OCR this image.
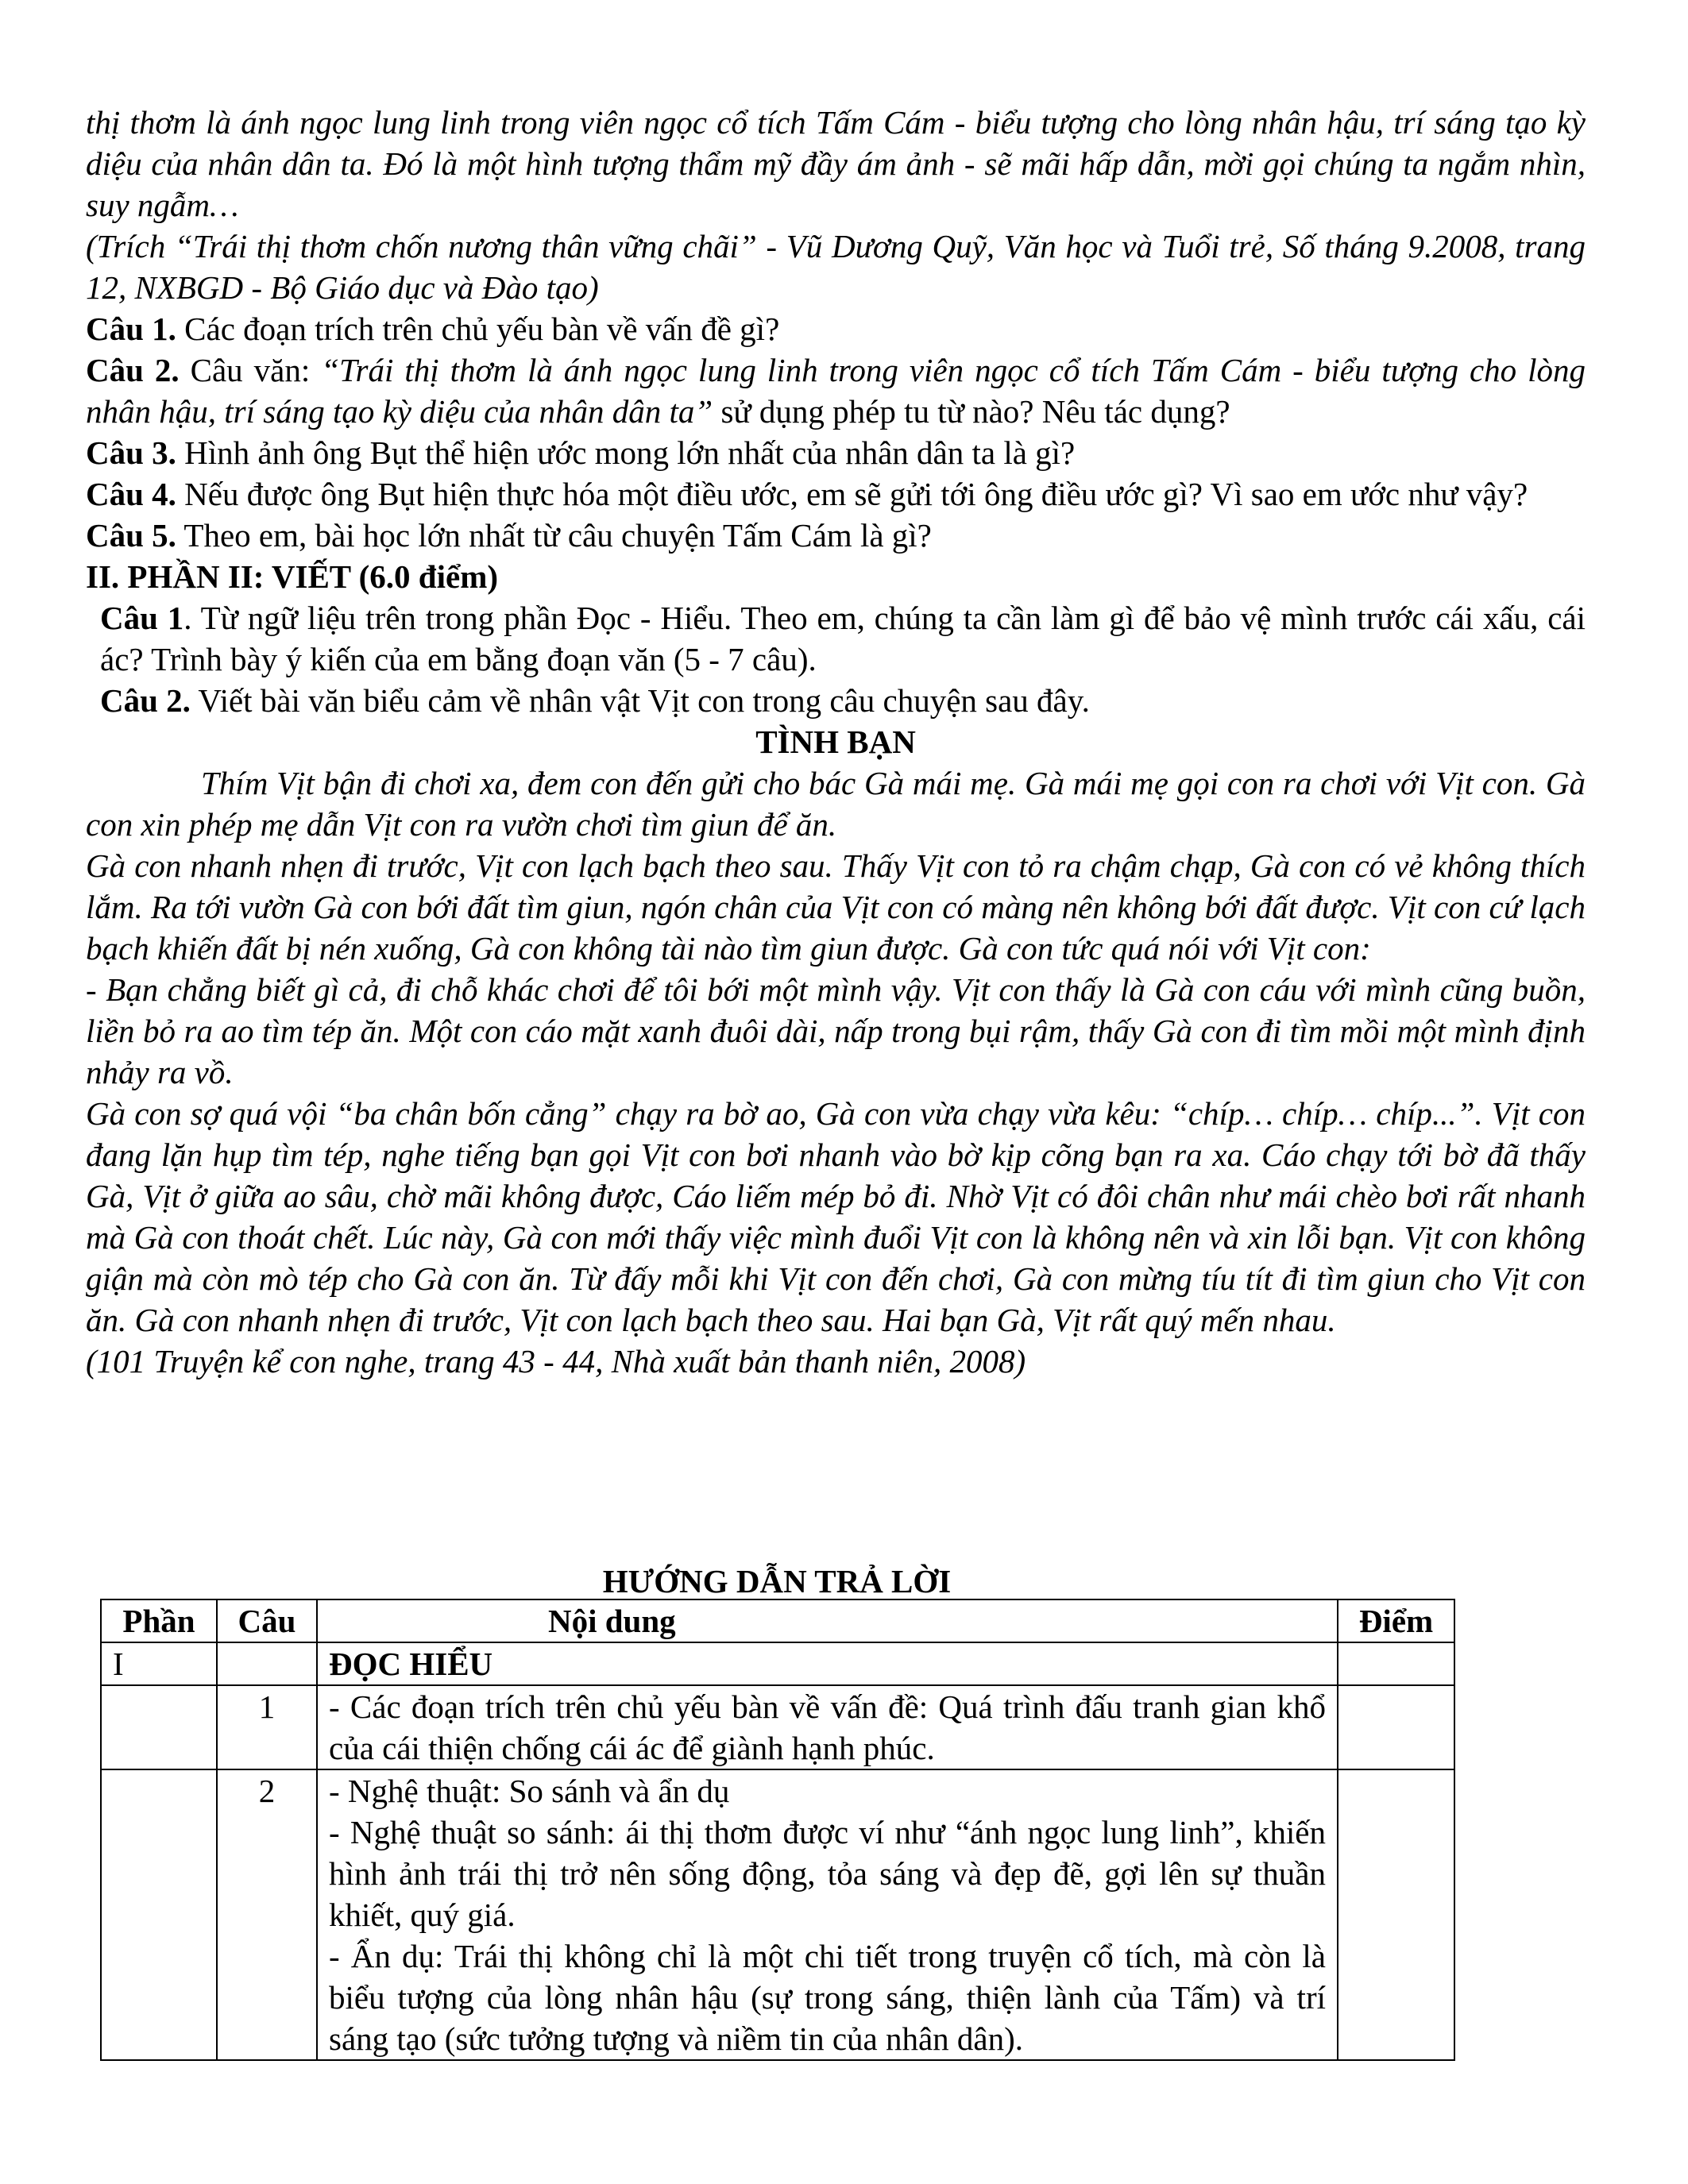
thị thơm là ánh ngọc lung linh trong viên ngọc cổ tích Tấm Cám - biểu tượng cho lòng nhân hậu, trí sáng tạo kỳ diệu của nhân dân ta. Đó là một hình tượng thẩm mỹ đầy ám ảnh - sẽ mãi hấp dẫn, mời gọi chúng ta ngắm nhìn, suy ngẫm…

(Trích “Trái thị thơm chốn nương thân vững chãi” - Vũ Dương Quỹ, Văn học và Tuổi trẻ, Số tháng 9.2008, trang 12, NXBGD - Bộ Giáo dục và Đào tạo)

Câu 1. Các đoạn trích trên chủ yếu bàn về vấn đề gì?

Câu 2. Câu văn: “Trái thị thơm là ánh ngọc lung linh trong viên ngọc cổ tích Tấm Cám - biểu tượng cho lòng nhân hậu, trí sáng tạo kỳ diệu của nhân dân ta” sử dụng phép tu từ nào? Nêu tác dụng?

Câu 3. Hình ảnh ông Bụt thể hiện ước mong lớn nhất của nhân dân ta là gì?

Câu 4. Nếu được ông Bụt hiện thực hóa một điều ước, em sẽ gửi tới ông điều ước gì? Vì sao em ước như vậy?

Câu 5. Theo em, bài học lớn nhất từ câu chuyện Tấm Cám là gì?

II. PHẦN II: VIẾT (6.0 điểm)

Câu 1. Từ ngữ liệu trên trong phần Đọc - Hiểu. Theo em, chúng ta cần làm gì để bảo vệ mình trước cái xấu, cái ác? Trình bày ý kiến của em bằng đoạn văn (5 - 7 câu).

Câu 2. Viết bài văn biểu cảm về nhân vật Vịt con trong câu chuyện sau đây.

TÌNH BẠN

Thím Vịt bận đi chơi xa, đem con đến gửi cho bác Gà mái mẹ. Gà mái mẹ gọi con ra chơi với Vịt con. Gà con xin phép mẹ dẫn Vịt con ra vườn chơi tìm giun để ăn.

Gà con nhanh nhẹn đi trước, Vịt con lạch bạch theo sau. Thấy Vịt con tỏ ra chậm chạp, Gà con có vẻ không thích lắm. Ra tới vườn Gà con bới đất tìm giun, ngón chân của Vịt con có màng nên không bới đất được. Vịt con cứ lạch bạch khiến đất bị nén xuống, Gà con không tài nào tìm giun được. Gà con tức quá nói với Vịt con:

- Bạn chẳng biết gì cả, đi chỗ khác chơi để tôi bới một mình vậy. Vịt con thấy là Gà con cáu với mình cũng buồn, liền bỏ ra ao tìm tép ăn. Một con cáo mặt xanh đuôi dài, nấp trong bụi rậm, thấy Gà con đi tìm mồi một mình định nhảy ra vồ.

Gà con sợ quá vội “ba chân bốn cẳng” chạy ra bờ ao, Gà con vừa chạy vừa kêu: “chíp… chíp… chíp...”. Vịt con đang lặn hụp tìm tép, nghe tiếng bạn gọi Vịt con bơi nhanh vào bờ kịp cõng bạn ra xa. Cáo chạy tới bờ đã thấy Gà, Vịt ở giữa ao sâu, chờ mãi không được, Cáo liếm mép bỏ đi. Nhờ Vịt có đôi chân như mái chèo bơi rất nhanh mà Gà con thoát chết. Lúc này, Gà con mới thấy việc mình đuổi Vịt con là không nên và xin lỗi bạn. Vịt con không giận mà còn mò tép cho Gà con ăn. Từ đấy mỗi khi Vịt con đến chơi, Gà con mừng tíu tít đi tìm giun cho Vịt con ăn. Gà con nhanh nhẹn đi trước, Vịt con lạch bạch theo sau. Hai bạn Gà, Vịt rất quý mến nhau.

(101 Truyện kể con nghe, trang 43 - 44, Nhà xuất bản thanh niên, 2008)

HƯỚNG DẪN TRẢ LỜI
Phần	Câu	Nội dung	Điểm
I		ĐỌC HIỂU	
	1	- Các đoạn trích trên chủ yếu bàn về vấn đề: Quá trình đấu tranh gian khổ của cái thiện chống cái ác để giành hạnh phúc.	

	2	- Nghệ thuật: So sánh và ẩn dụ
- Nghệ thuật so sánh: ái thị thơm được ví như “ánh ngọc lung linh”, khiến hình ảnh trái thị trở nên sống động, tỏa sáng và đẹp đẽ, gợi lên sự thuần khiết, quý giá.
- Ẩn dụ: Trái thị không chỉ là một chi tiết trong truyện cổ tích, mà còn là biểu tượng của lòng nhân hậu (sự trong sáng, thiện lành của Tấm) và trí sáng tạo (sức tưởng tượng và niềm tin của nhân dân).	
